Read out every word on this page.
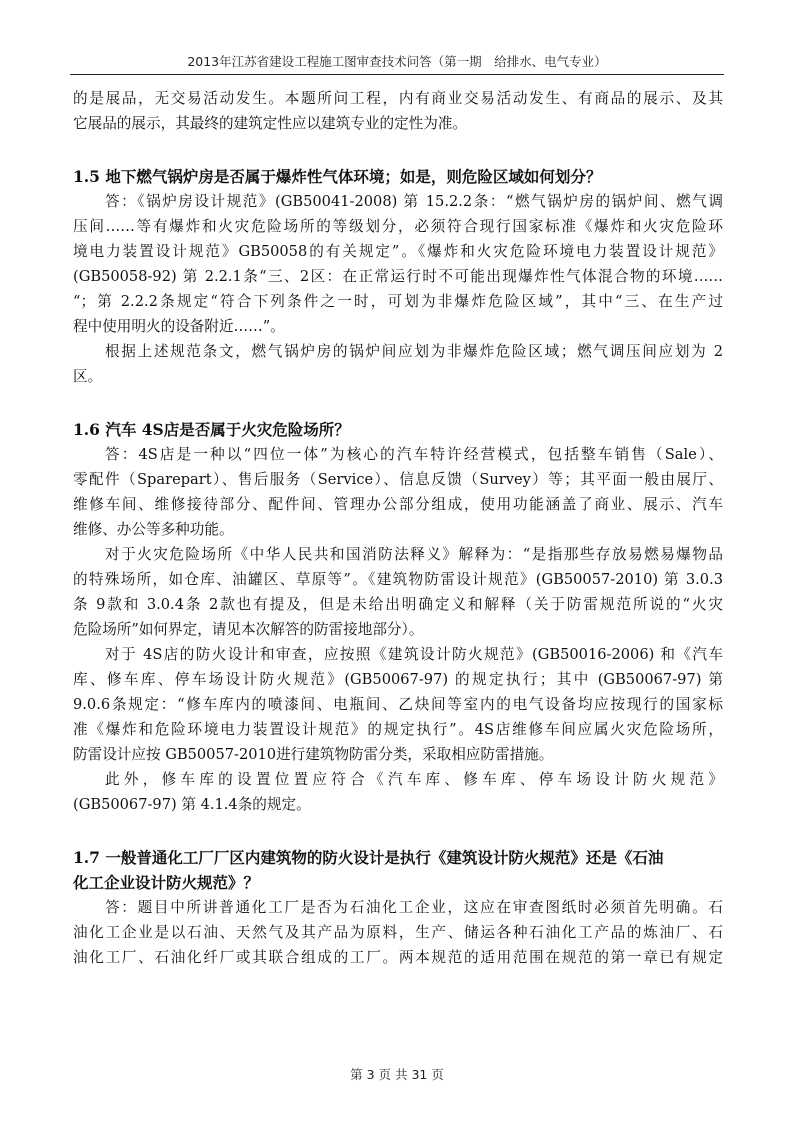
2013年江苏省建设工程施工图审查技术问答（第一期　给排水、电气专业）

的是展品，无交易活动发生。本题所问工程，内有商业交易活动发生、有商品的展示、及其

它展品的展示，其最终的建筑定性应以建筑专业的定性为准。

1.5 地下燃气锅炉房是否属于爆炸性气体环境；如是，则危险区域如何划分？

答：《锅炉房设计规范》(GB50041-2008) 第 15.2.2条：“燃气锅炉房的锅炉间、燃气调

压间……等有爆炸和火灾危险场所的等级划分，必须符合现行国家标准《爆炸和火灾危险环

境电力装置设计规范》GB50058的有关规定”。《爆炸和火灾危险环境电力装置设计规范》

(GB50058-92) 第 2.2.1条“三、2区：在正常运行时不可能出现爆炸性气体混合物的环境……

“；第 2.2.2条规定“符合下列条件之一时，可划为非爆炸危险区域”，其中“三、在生产过

程中使用明火的设备附近……”。

根据上述规范条文，燃气锅炉房的锅炉间应划为非爆炸危险区域；燃气调压间应划为 2

区。

1.6 汽车 4S店是否属于火灾危险场所？

答：4S店是一种以“四位一体”为核心的汽车特许经营模式，包括整车销售（Sale）、

零配件（Sparepart）、售后服务（Service）、信息反馈（Survey）等；其平面一般由展厅、

维修车间、维修接待部分、配件间、管理办公部分组成，使用功能涵盖了商业、展示、汽车

维修、办公等多种功能。

对于火灾危险场所《中华人民共和国消防法释义》解释为：“是指那些存放易燃易爆物品

的特殊场所，如仓库、油罐区、草原等”。《建筑物防雷设计规范》(GB50057-2010) 第 3.0.3

条 9款和 3.0.4条 2款也有提及，但是未给出明确定义和解释（关于防雷规范所说的“火灾

危险场所”如何界定，请见本次解答的防雷接地部分）。

对于 4S店的防火设计和审查，应按照《建筑设计防火规范》(GB50016-2006) 和《汽车

库、修车库、停车场设计防火规范》(GB50067-97) 的规定执行；其中 (GB50067-97) 第

9.0.6条规定：“修车库内的喷漆间、电瓶间、乙炔间等室内的电气设备均应按现行的国家标

准《爆炸和危险环境电力装置设计规范》的规定执行”。4S店维修车间应属火灾危险场所，

防雷设计应按 GB50057-2010进行建筑物防雷分类，采取相应防雷措施。

此外，修车库的设置位置应符合《汽车库、修车库、停车场设计防火规范》

(GB50067-97) 第 4.1.4条的规定。

1.7 一般普通化工厂厂区内建筑物的防火设计是执行《建筑设计防火规范》还是《石油

化工企业设计防火规范》？

答：题目中所讲普通化工厂是否为石油化工企业，这应在审查图纸时必须首先明确。石

油化工企业是以石油、天然气及其产品为原料，生产、储运各种石油化工产品的炼油厂、石

油化工厂、石油化纤厂或其联合组成的工厂。两本规范的适用范围在规范的第一章已有规定

第 3 页 共 31 页
